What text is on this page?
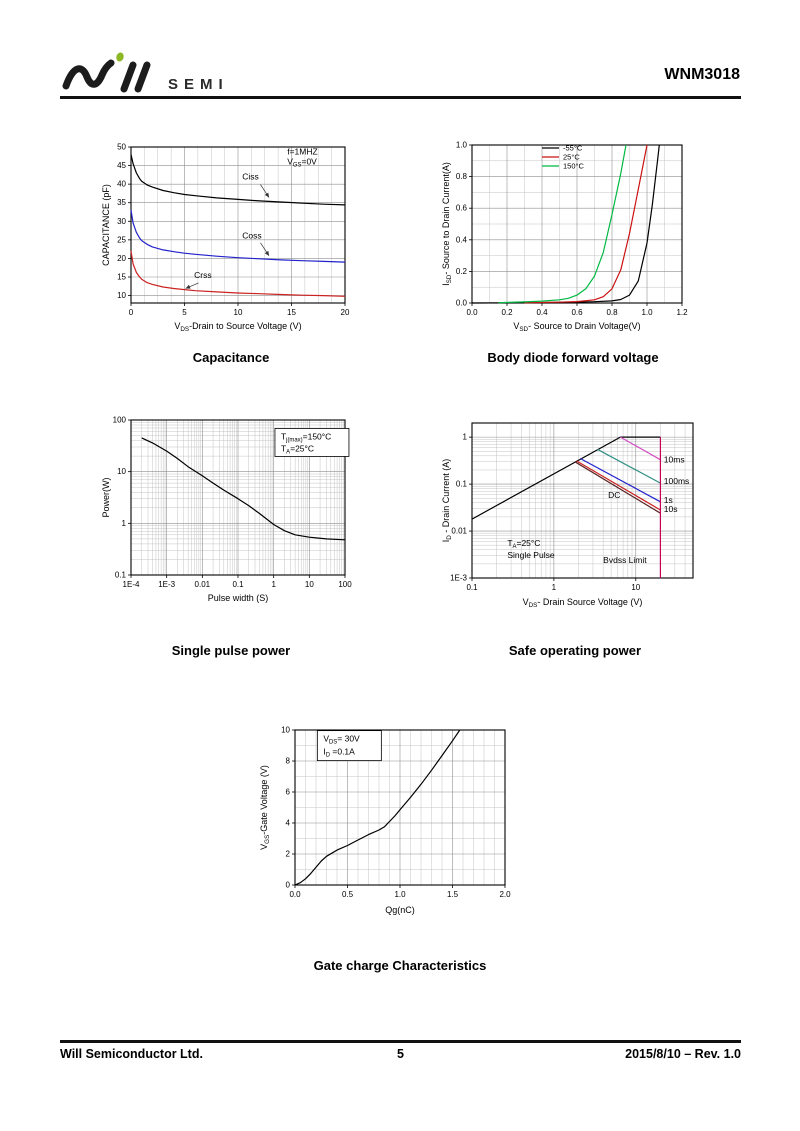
SEMI
WNM3018
0	5	10	15	20
10
15
20
25
30
35
40
45
50
$V_{DS}$-Drain to Source Voltage (V)
CAPACITANCE (pF)
f=1MHZ
$V_{GS}=0V$
Ciss
Coss
Crss
0.0	0.2	0.4	0.6	0.8	1.0	1.2
0.0
0.2
0.4
0.6
0.8
1.0
$V_{SD}-$ Source to Drain Voltage(V)
$I_{SD}-$ Source to Drain Current(A)
-55°C
25°C
150°C
1E-4 1E-3 0.01	0.1	1	10	100
0.1
1
10
100
Pulse width (S)
Power(W)
$T_{j(max)}=150^\circ C$
$T_A=25^\circ C$
0.1	1	10
1E-3
0.01
0.1
1
$V_{DS}-$ Drain Source Voltage (V)
$I_D$ - Drain Current (A)
$T_A=25^\circ C$
Single Pulse	Bvdss Limit
10ms
100ms
1s
10s
DC
0.0	0.5	1.0	1.5	2.0
0
2
4
6
8
10
Qg(nC)
$V_{GS}$-Gate Voltage (V)
$V_{DS}= 30V$
$I_D =0.1A$
Capacitance	Body diode forward voltage
Single pulse power	Safe operating power
Gate charge Characteristics
Will Semiconductor Ltd.	5	2015/8/10 – Rev. 1.0
